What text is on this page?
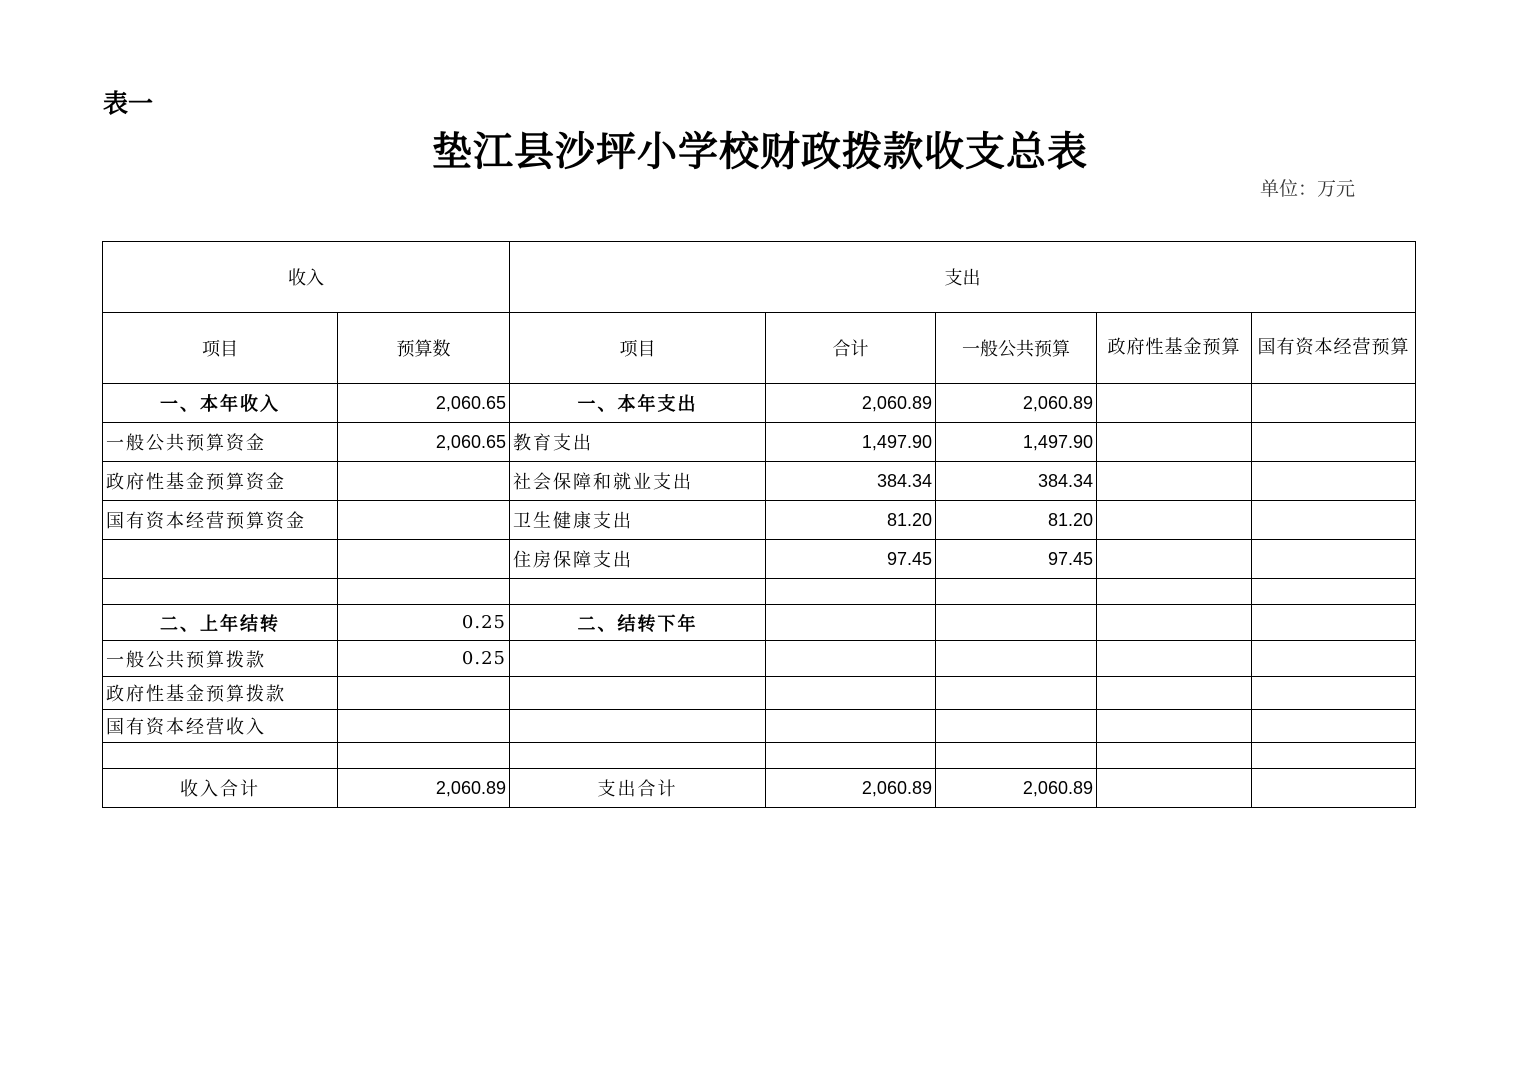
表一
垫江县沙坪小学校财政拨款收支总表
单位：万元
收入		支出				
项目	预算数	项目	合计	一般公共预算	政府性基金预算	国有资本经营预算
一、本年收入	2,060.65	一、本年支出	2,060.89	2,060.89		
一般公共预算资金	2,060.65	教育支出	1,497.90	1,497.90		
政府性基金预算资金		社会保障和就业支出	384.34	384.34		
国有资本经营预算资金		卫生健康支出	81.20	81.20		
		住房保障支出	97.45	97.45		

二、上年结转	0.25	二、结转下年				
一般公共预算拨款	0.25					
政府性基金预算拨款						
国有资本经营收入						

收入合计	2,060.89	支出合计	2,060.89	2,060.89		
